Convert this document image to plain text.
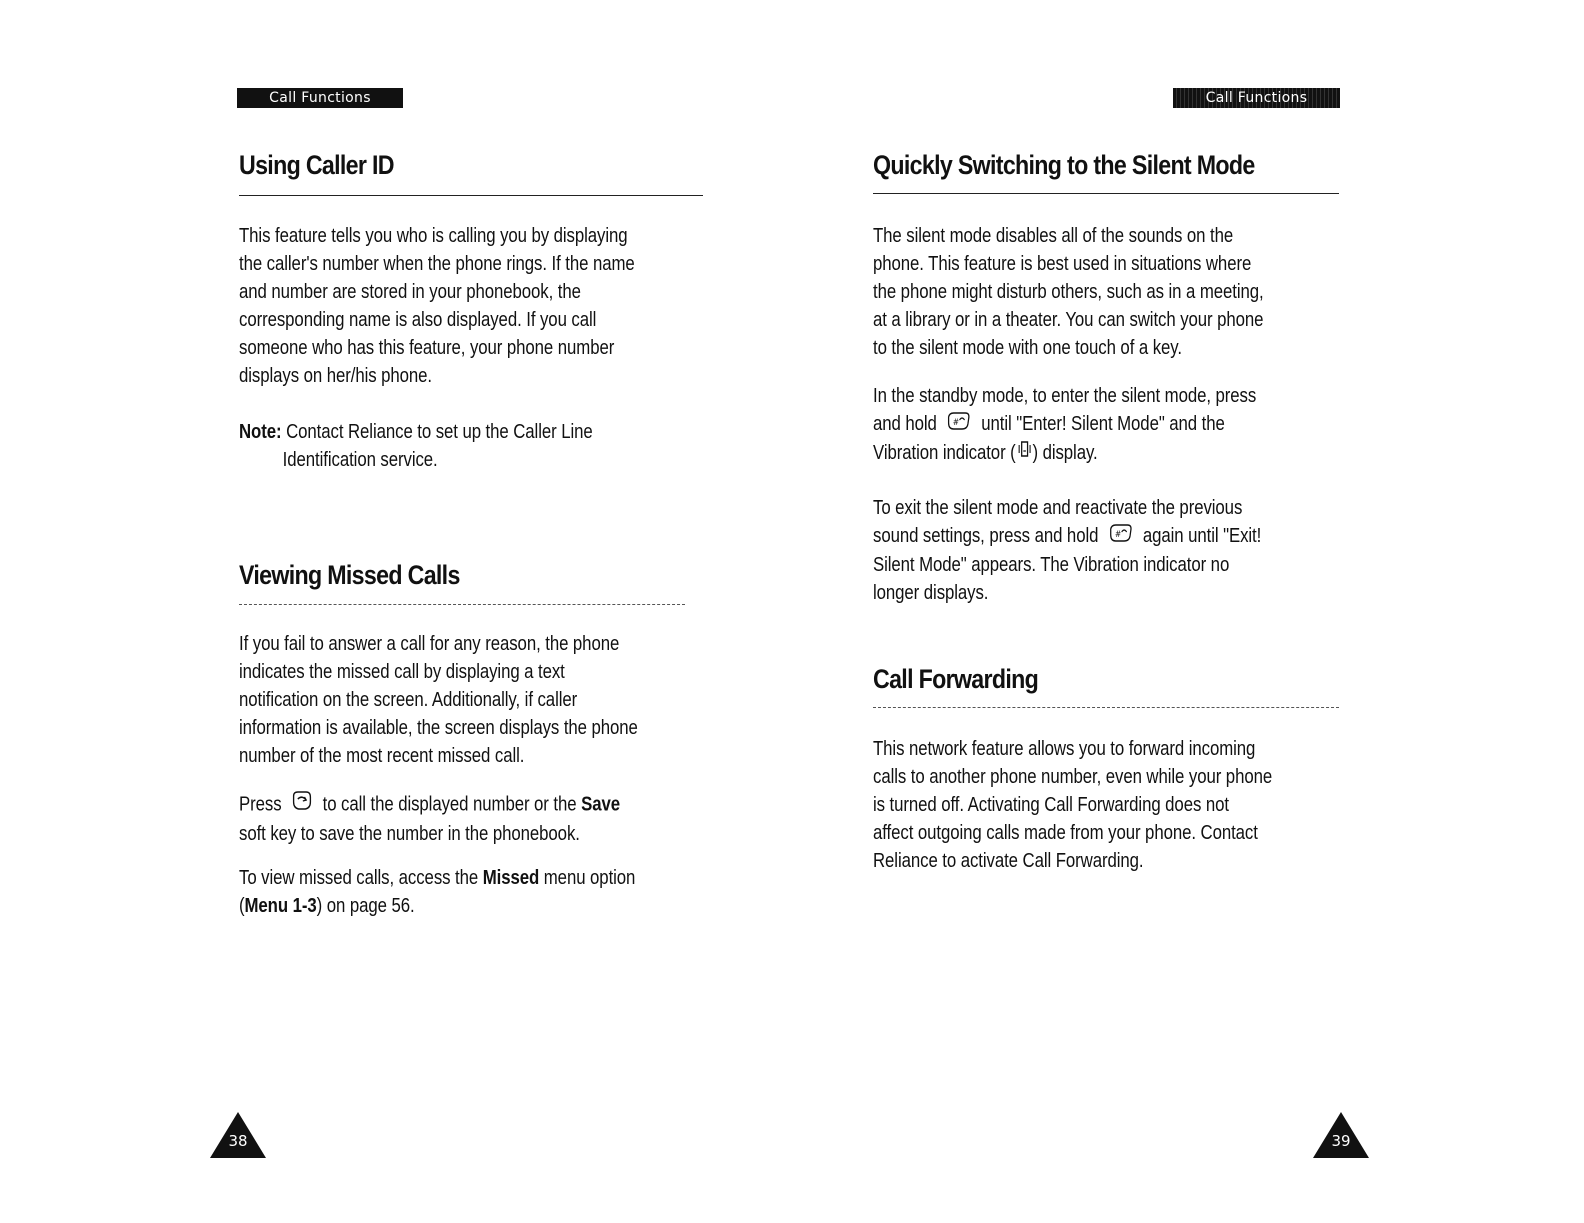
Call Functions
Using Caller ID

This feature tells you who is calling you by displaying
the caller's number when the phone rings. If the name
and number are stored in your phonebook, the
corresponding name is also displayed. If you call
someone who has this feature, your phone number
displays on her/his phone.

Note: Contact Reliance to set up the Caller Line
Identification service.

Viewing Missed Calls

If you fail to answer a call for any reason, the phone
indicates the missed call by displaying a text
notification on the screen. Additionally, if caller
information is available, the screen displays the phone
number of the most recent missed call.

Press to call the displayed number or the Save
soft key to save the number in the phonebook.

To view missed calls, access the Missed menu option
(Menu 1-3) on page 56.

38
Call Functions
Quickly Switching to the Silent Mode

The silent mode disables all of the sounds on the
phone. This feature is best used in situations where
the phone might disturb others, such as in a meeting,
at a library or in a theater. You can switch your phone
to the silent mode with one touch of a key.

In the standby mode, to enter the silent mode, press
and hold # until "Enter! Silent Mode" and the
Vibration indicator ( ) display.

To exit the silent mode and reactivate the previous
sound settings, press and hold # again until "Exit!
Silent Mode" appears. The Vibration indicator no
longer displays.

Call Forwarding

This network feature allows you to forward incoming
calls to another phone number, even while your phone
is turned off. Activating Call Forwarding does not
affect outgoing calls made from your phone. Contact
Reliance to activate Call Forwarding.

39
